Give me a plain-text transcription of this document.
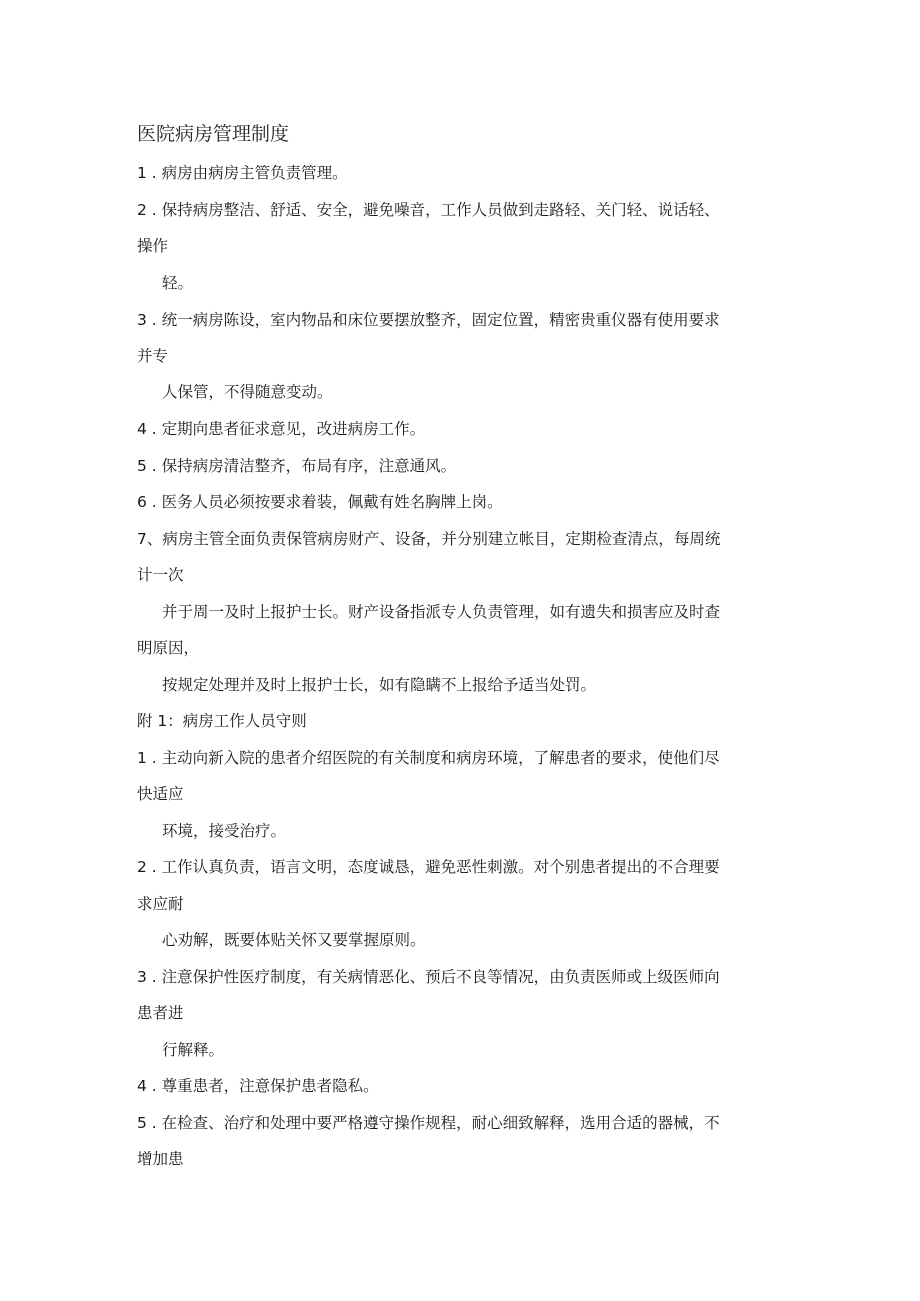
医院病房管理制度
1 . 病房由病房主管负责管理。
2 . 保持病房整洁、舒适、安全，避免噪音，工作人员做到走路轻、关门轻、说话轻、
操作
轻。
3 . 统一病房陈设，室内物品和床位要摆放整齐，固定位置，精密贵重仪器有使用要求
并专
人保管，不得随意变动。
4 . 定期向患者征求意见，改进病房工作。
5 . 保持病房清洁整齐，布局有序，注意通风。
6 . 医务人员必须按要求着装，佩戴有姓名胸牌上岗。
7、病房主管全面负责保管病房财产、设备，并分别建立帐目，定期检查清点，每周统
计一次
并于周一及时上报护士长。财产设备指派专人负责管理，如有遗失和损害应及时查
明原因，
按规定处理并及时上报护士长，如有隐瞒不上报给予适当处罚。
附 1：病房工作人员守则
1 . 主动向新入院的患者介绍医院的有关制度和病房环境，了解患者的要求，使他们尽
快适应
环境，接受治疗。
2 . 工作认真负责，语言文明，态度诚恳，避免恶性刺激。对个别患者提出的不合理要
求应耐
心劝解，既要体贴关怀又要掌握原则。
3 . 注意保护性医疗制度，有关病情恶化、预后不良等情况，由负责医师或上级医师向
患者进
行解释。
4 . 尊重患者，注意保护患者隐私。
5 . 在检查、治疗和处理中要严格遵守操作规程，耐心细致解释，选用合适的器械，不
增加患
